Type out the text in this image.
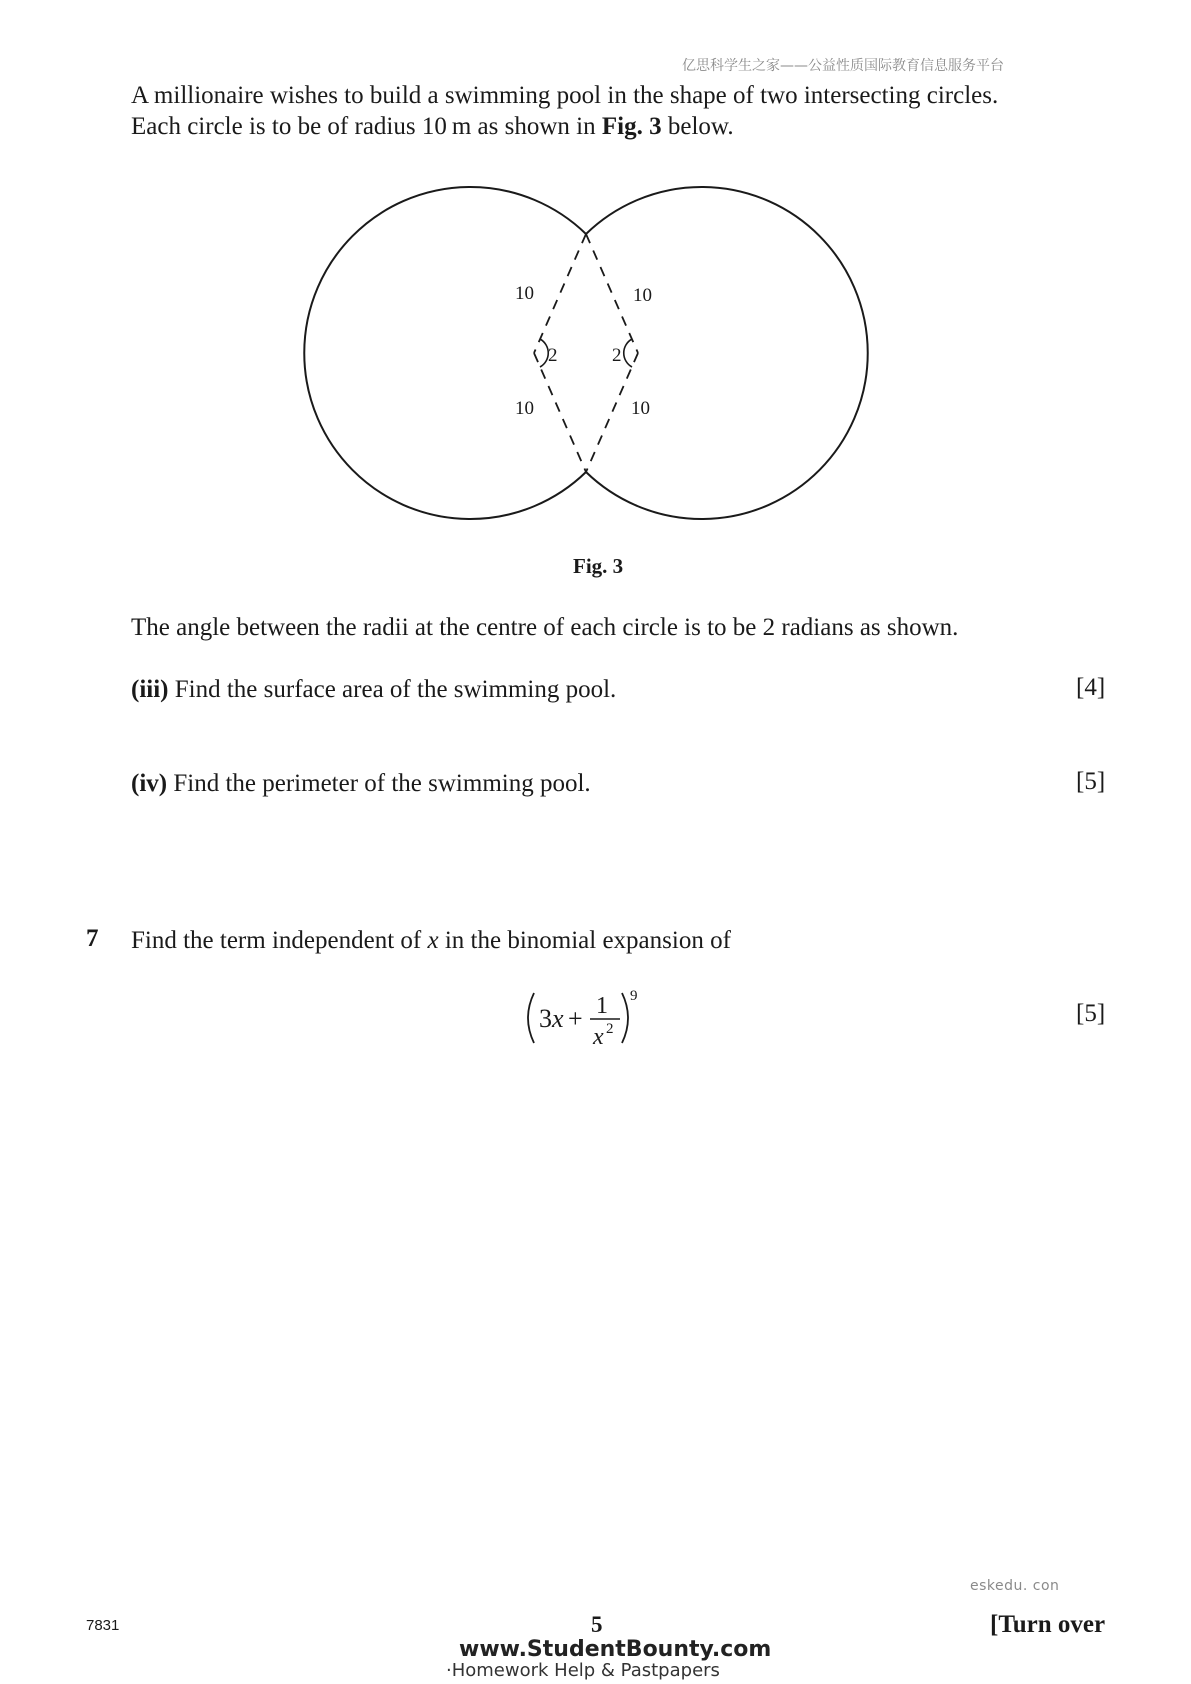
亿思科学生之家——公益性质国际教育信息服务平台
A millionaire wishes to build a swimming pool in the shape of two intersecting circles.
Each circle is to be of radius 10 m as shown in Fig. 3 below.
10	10
10	10
2	2
Fig. 3
The angle between the radii at the centre of each circle is to be 2 radians as shown.
(iii) Find the surface area of the swimming pool.	[4]
(iv) Find the perimeter of the swimming pool.	[5]
7 Find the term independent of x in the binomial expansion of
3 x + 1
x 2
9
[5]
eskedu. con
7831	5	[Turn over
www.StudentBounty.com
·Homework Help & Pastpapers
